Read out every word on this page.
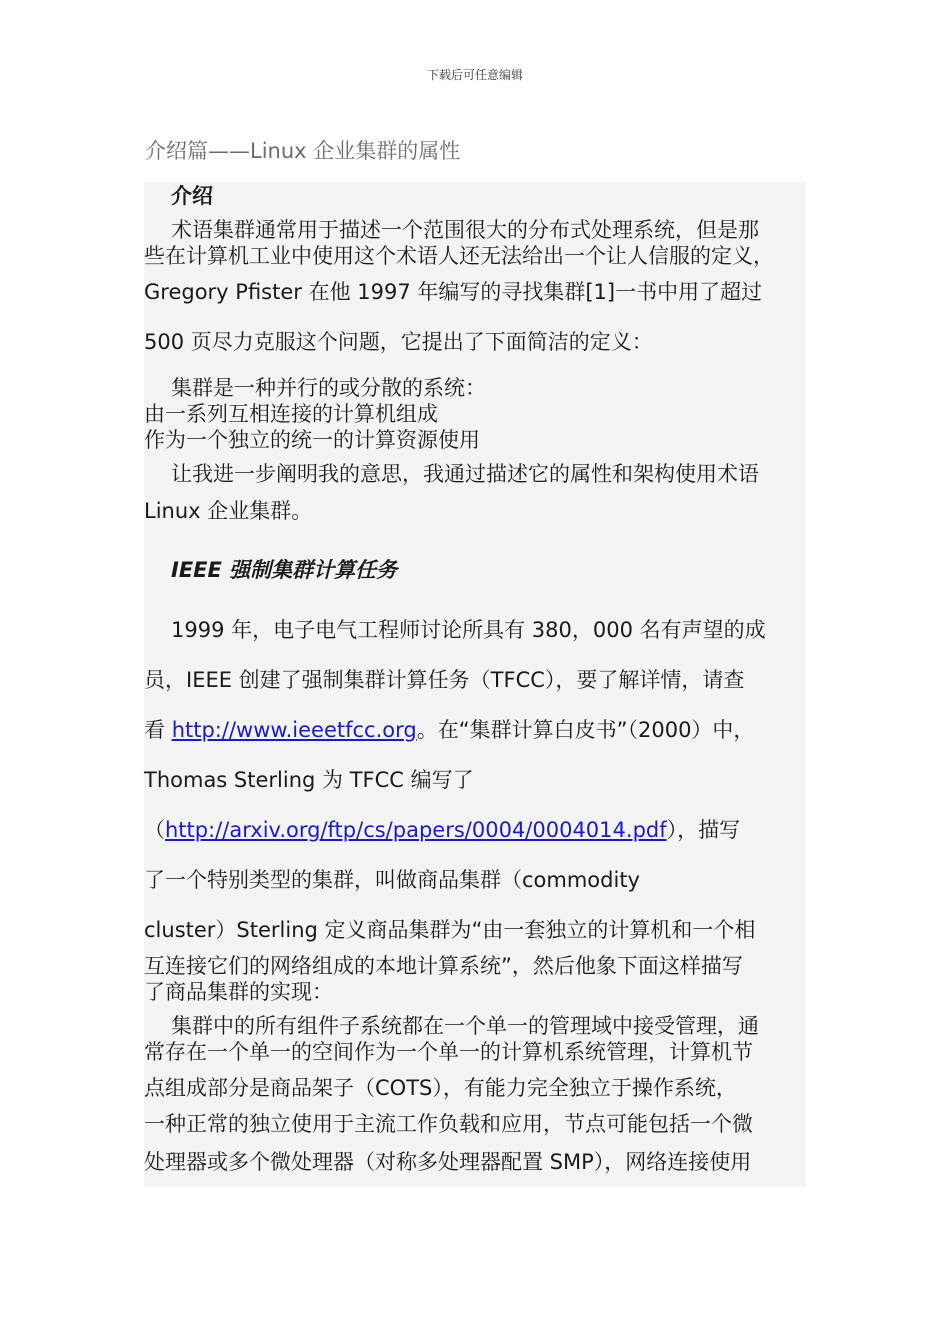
下载后可任意编辑
介绍篇——Linux 企业集群的属性
介绍
术语集群通常用于描述一个范围很大的分布式处理系统，但是那
些在计算机工业中使用这个术语人还无法给出一个让人信服的定义，
Gregory Pfister 在他 1997 年编写的寻找集群[1]一书中用了超过
500 页尽力克服这个问题，它提出了下面简洁的定义：
集群是一种并行的或分散的系统：
由一系列互相连接的计算机组成
作为一个独立的统一的计算资源使用
让我进一步阐明我的意思，我通过描述它的属性和架构使用术语
Linux 企业集群。
IEEE 强制集群计算任务
1999 年，电子电气工程师讨论所具有 380，000 名有声望的成
员，IEEE 创建了强制集群计算任务（TFCC），要了解详情，请查
看 http://www.ieeetfcc.org。在“集群计算白皮书”（2000）中，
Thomas Sterling 为 TFCC 编写了
（http://arxiv.org/ftp/cs/papers/0004/0004014.pdf），描写
了一个特别类型的集群，叫做商品集群（commodity
cluster）Sterling 定义商品集群为“由一套独立的计算机和一个相
互连接它们的网络组成的本地计算系统”，然后他象下面这样描写
了商品集群的实现：
集群中的所有组件子系统都在一个单一的管理域中接受管理，通
常存在一个单一的空间作为一个单一的计算机系统管理，计算机节
点组成部分是商品架子（COTS），有能力完全独立于操作系统，
一种正常的独立使用于主流工作负载和应用，节点可能包括一个微
处理器或多个微处理器（对称多处理器配置 SMP），网络连接使用
